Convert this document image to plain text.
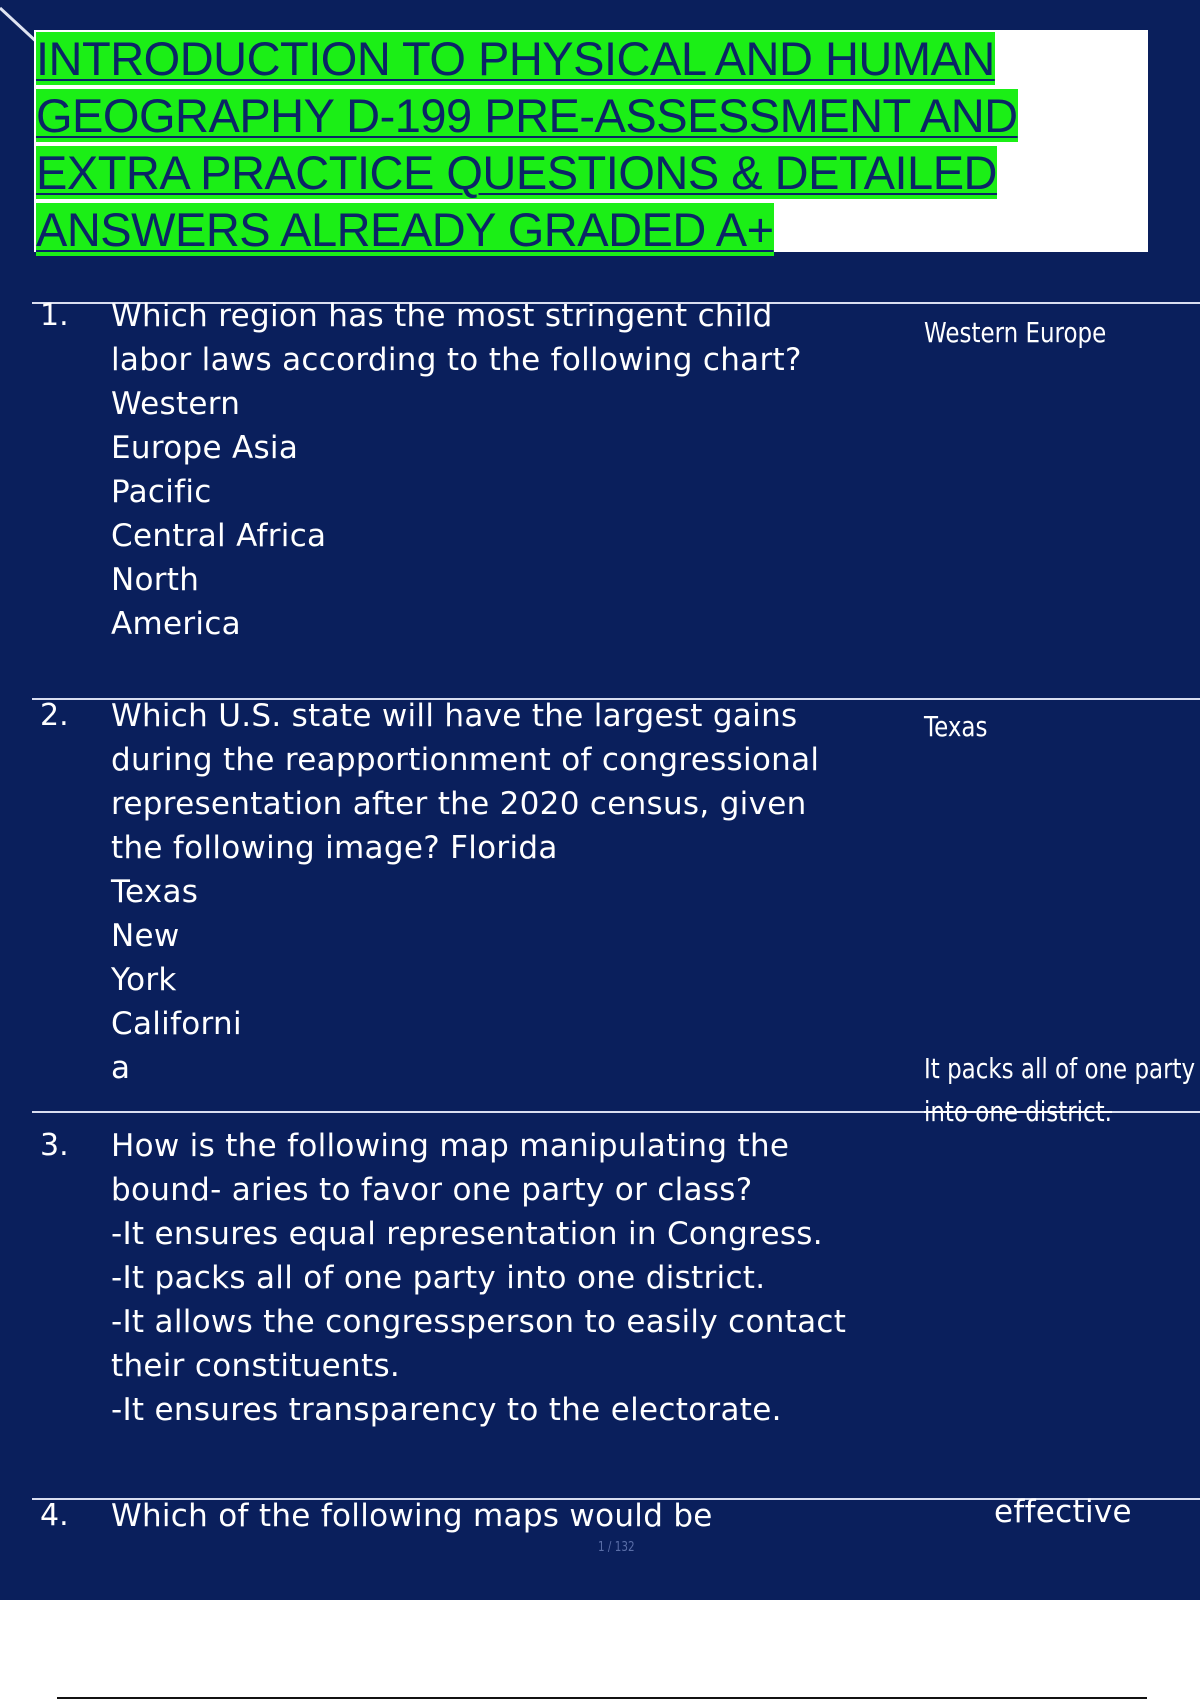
INTRODUCTION TO PHYSICAL AND HUMAN
GEOGRAPHY D-199 PRE-ASSESSMENT AND
EXTRA PRACTICE QUESTIONS & DETAILED
ANSWERS ALREADY GRADED A+
1. Which region has the most stringent child
labor laws according to the following chart?
Western
Europe Asia
Pacific
Central Africa
North
America
Western Europe
2. Which U.S. state will have the largest gains
during the reapportionment of congressional
representation after the 2020 census, given
the following image? Florida
Texas
New
York
Californi
a
Texas
It packs all of one party
into one district.
3. How is the following map manipulating the
bound- aries to favor one party or class?
-It ensures equal representation in Congress.
-It packs all of one party into one district.
-It allows the congressperson to easily contact
their constituents.
-It ensures transparency to the electorate.
4. Which of the following maps would be	effective
1 / 132
